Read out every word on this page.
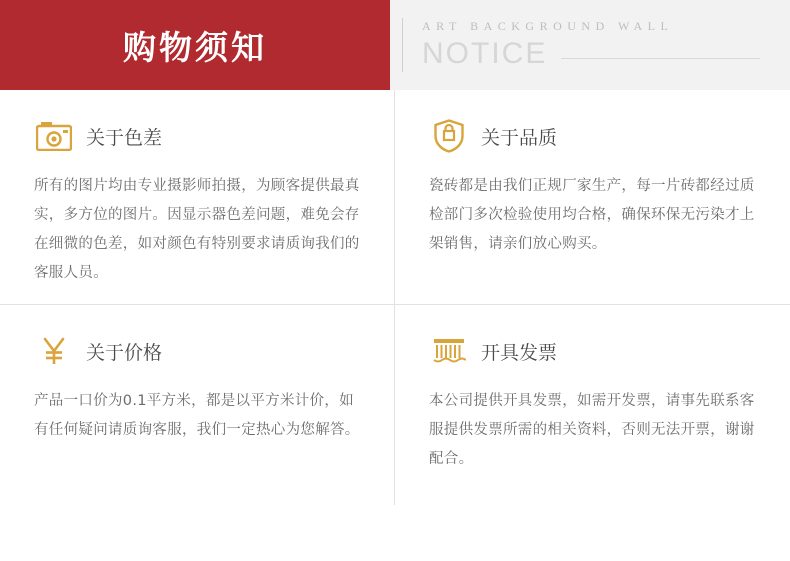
购物须知
ART BACKGROUND WALL
NOTICE
关于色差
所有的图片均由专业摄影师拍摄，为顾客提供最真实，多方位的图片。因显示器色差问题，难免会存在细微的色差，如对颜色有特别要求请质询我们的客服人员。
关于品质
瓷砖都是由我们正规厂家生产，每一片砖都经过质检部门多次检验使用均合格，确保环保无污染才上架销售，请亲们放心购买。
关于价格
产品一口价为0.1平方米，都是以平方米计价，如有任何疑问请质询客服，我们一定热心为您解答。
开具发票
本公司提供开具发票，如需开发票，请事先联系客服提供发票所需的相关资料，否则无法开票，谢谢配合。
